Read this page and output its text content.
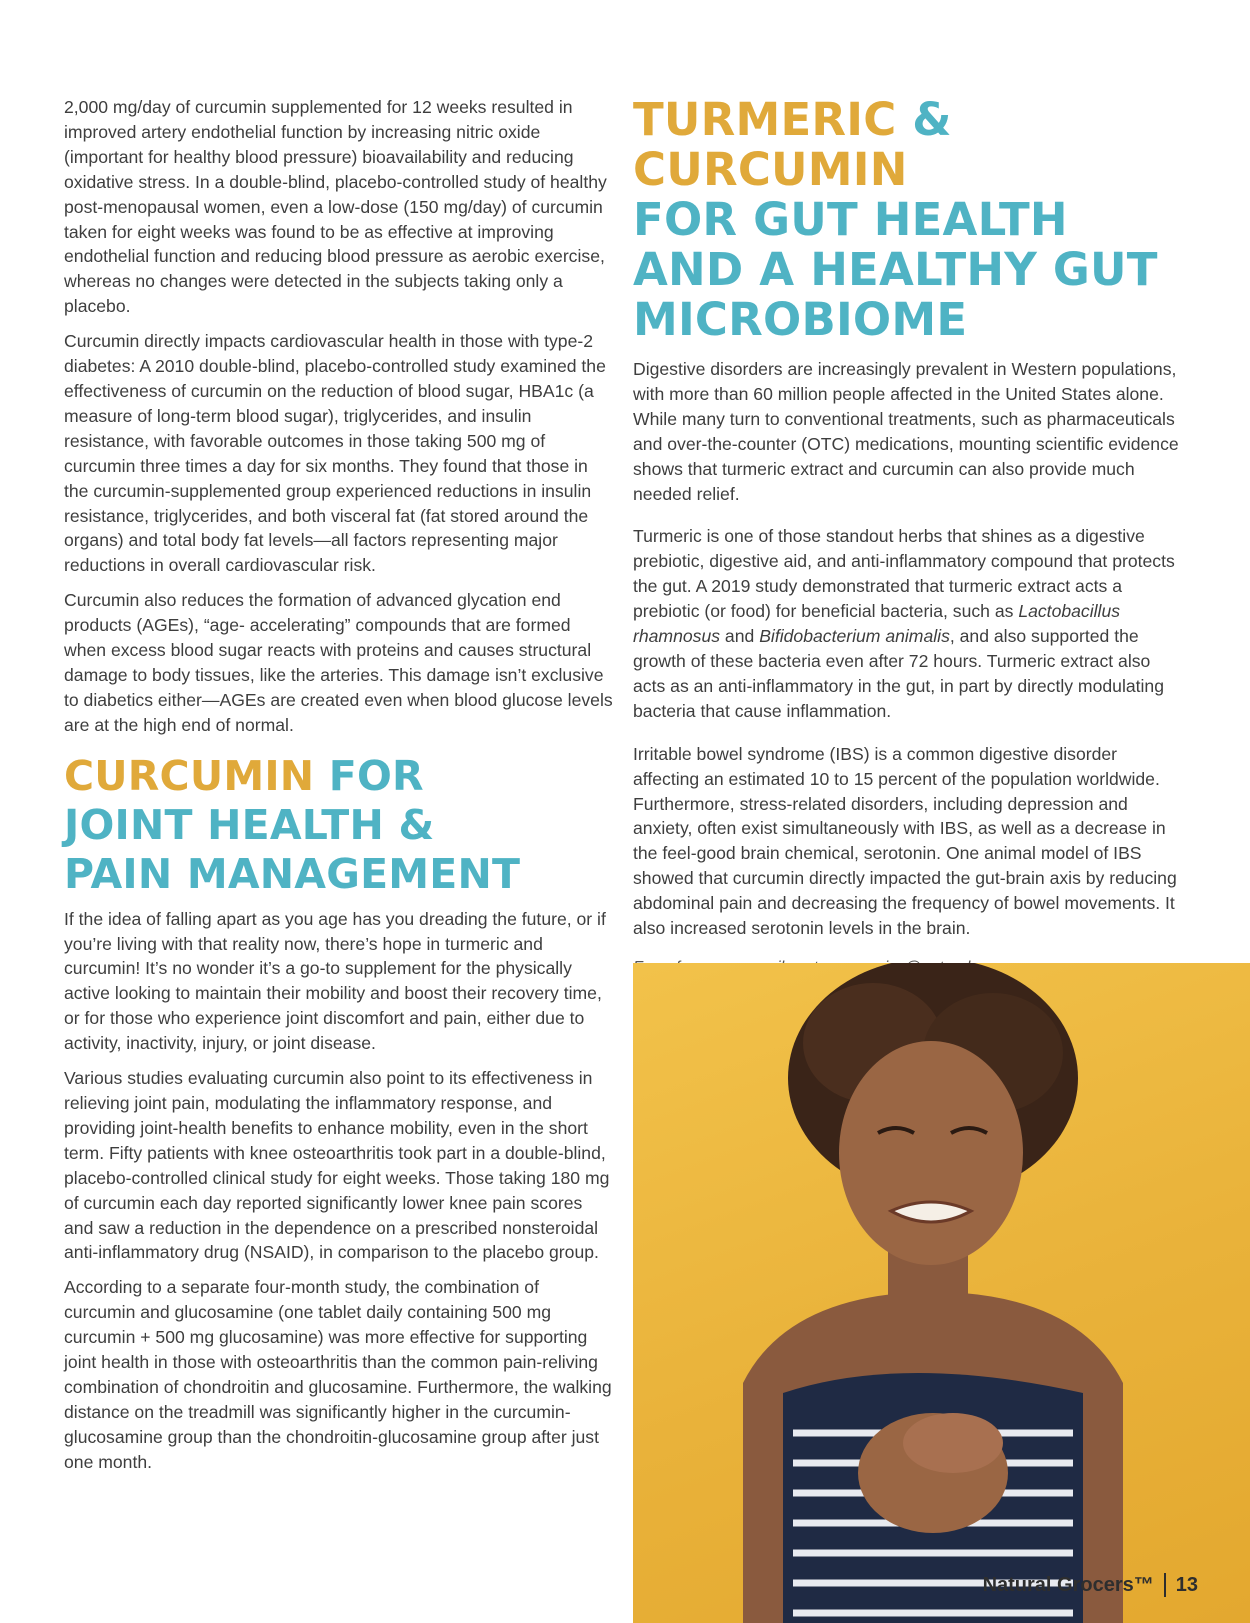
2,000 mg/day of curcumin supplemented for 12 weeks resulted in improved artery endothelial function by increasing nitric oxide (important for healthy blood pressure) bioavailability and reducing oxidative stress. In a double-blind, placebo-controlled study of healthy post-menopausal women, even a low-dose (150 mg/day) of curcumin taken for eight weeks was found to be as effective at improving endothelial function and reducing blood pressure as aerobic exercise, whereas no changes were detected in the subjects taking only a placebo.

Curcumin directly impacts cardiovascular health in those with type-2 diabetes: A 2010 double-blind, placebo-controlled study examined the effectiveness of curcumin on the reduction of blood sugar, HBA1c (a measure of long-term blood sugar), triglycerides, and insulin resistance, with favorable outcomes in those taking 500 mg of curcumin three times a day for six months. They found that those in the curcumin-supplemented group experienced reductions in insulin resistance, triglycerides, and both visceral fat (fat stored around the organs) and total body fat levels—all factors representing major reductions in overall cardiovascular risk.

Curcumin also reduces the formation of advanced glycation end products (AGEs), “age- accelerating” compounds that are formed when excess blood sugar reacts with proteins and causes structural damage to body tissues, like the arteries. This damage isn’t exclusive to diabetics either—AGEs are created even when blood glucose levels are at the high end of normal.

CURCUMIN FOR
JOINT HEALTH &
PAIN MANAGEMENT

If the idea of falling apart as you age has you dreading the future, or if you’re living with that reality now, there’s hope in turmeric and curcumin! It’s no wonder it’s a go-to supplement for the physically active looking to maintain their mobility and boost their recovery time, or for those who experience joint discomfort and pain, either due to activity, inactivity, injury, or joint disease.

Various studies evaluating curcumin also point to its effectiveness in relieving joint pain, modulating the inflammatory response, and providing joint-health benefits to enhance mobility, even in the short term. Fifty patients with knee osteoarthritis took part in a double-blind, placebo-controlled clinical study for eight weeks. Those taking 180 mg of curcumin each day reported significantly lower knee pain scores and saw a reduction in the dependence on a prescribed nonsteroidal anti-inflammatory drug (NSAID), in comparison to the placebo group.

According to a separate four-month study, the combination of curcumin and glucosamine (one tablet daily containing 500 mg curcumin + 500 mg glucosamine) was more effective for supporting joint health in those with osteoarthritis than the common pain-reliving combination of chondroitin and glucosamine. Furthermore, the walking distance on the treadmill was significantly higher in the curcumin-glucosamine group than the chondroitin-glucosamine group after just one month.

TURMERIC & CURCUMIN
FOR GUT HEALTH
AND A HEALTHY GUT
MICROBIOME

Digestive disorders are increasingly prevalent in Western populations, with more than 60 million people affected in the United States alone. While many turn to conventional treatments, such as pharmaceuticals and over-the-counter (OTC) medications, mounting scientific evidence shows that turmeric extract and curcumin can also provide much needed relief.

Turmeric is one of those standout herbs that shines as a digestive prebiotic, digestive aid, and anti-inflammatory compound that protects the gut. A 2019 study demonstrated that turmeric extract acts a prebiotic (or food) for beneficial bacteria, such as Lactobacillus rhamnosus and Bifidobacterium animalis, and also supported the growth of these bacteria even after 72 hours. Turmeric extract also acts as an anti-inflammatory in the gut, in part by directly modulating bacteria that cause inflammation.

Irritable bowel syndrome (IBS) is a common digestive disorder affecting an estimated 10 to 15 percent of the population worldwide. Furthermore, stress-related disorders, including depression and anxiety, often exist simultaneously with IBS, as well as a decrease in the feel-good brain chemical, serotonin. One animal model of IBS showed that curcumin directly impacted the gut-brain axis by reducing abdominal pain and decreasing the frequency of bowel movements. It also increased serotonin levels in the brain.

Natural Grocers™ 13
